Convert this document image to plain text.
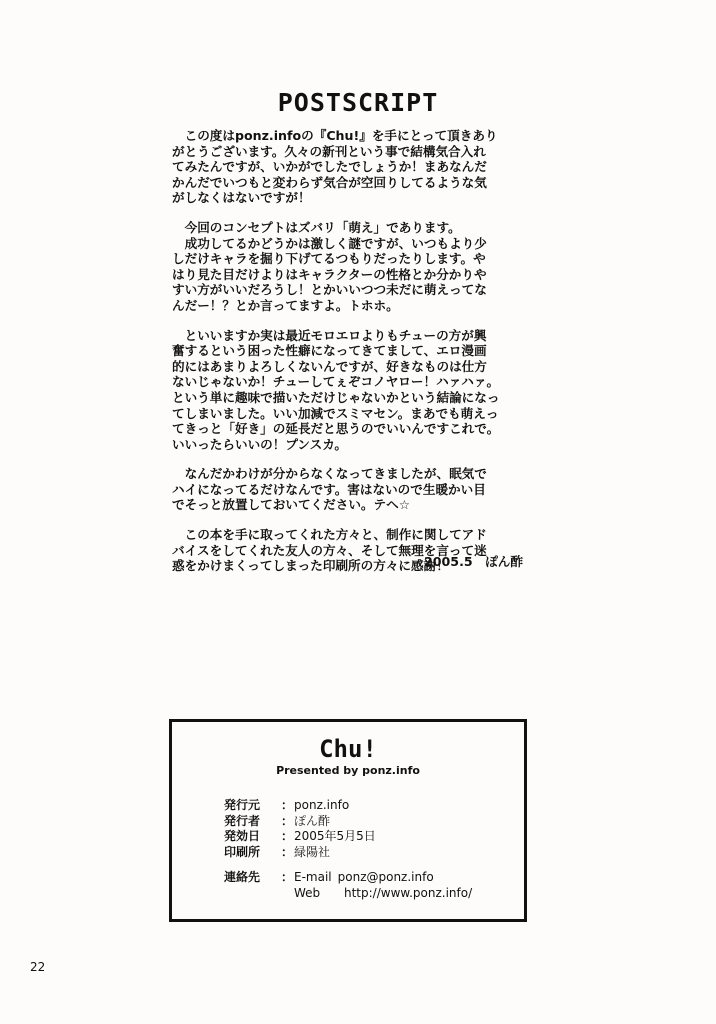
POSTSCRIPT
　この度はponz.infoの『Chu!』を手にとって頂きあり
がとうございます。久々の新刊という事で結構気合入れ
てみたんですが、いかがでしたでしょうか！まあなんだ
かんだでいつもと変わらず気合が空回りしてるような気
がしなくはないですが！
　今回のコンセプトはズバリ「萌え」であります。
　成功してるかどうかは激しく謎ですが、いつもより少
しだけキャラを掘り下げてるつもりだったりします。や
はり見た目だけよりはキャラクターの性格とか分かりや
すい方がいいだろうし！とかいいつつ未だに萌えってな
んだー！？とか言ってますよ。トホホ。
　といいますか実は最近モロエロよりもチューの方が興
奮するという困った性癖になってきてまして、エロ漫画
的にはあまりよろしくないんですが、好きなものは仕方
ないじゃないか！チューしてぇぞコノヤロー！ハァハァ。
という単に趣味で描いただけじゃないかという結論になっ
てしまいました。いい加減でスミマセン。まあでも萌えっ
てきっと「好き」の延長だと思うのでいいんですこれで。
いいったらいいの！プンスカ。
　なんだかわけが分からなくなってきましたが、眠気で
ハイになってるだけなんです。害はないので生暖かい目
でそっと放置しておいてください。テヘ☆
　この本を手に取ってくれた方々と、制作に関してアド
バイスをしてくれた友人の方々、そして無理を言って迷
惑をかけまくってしまった印刷所の方々に感謝！
2005.5　ぽん酢
Chu!
Presented by ponz.info
発行元	： ponz.info
発行者	： ぽん酢
発効日	： 2005年5月5日
印刷所	： 緑陽社
連絡先	： E-mail ponz@ponz.info
Web	http://www.ponz.info/
22
